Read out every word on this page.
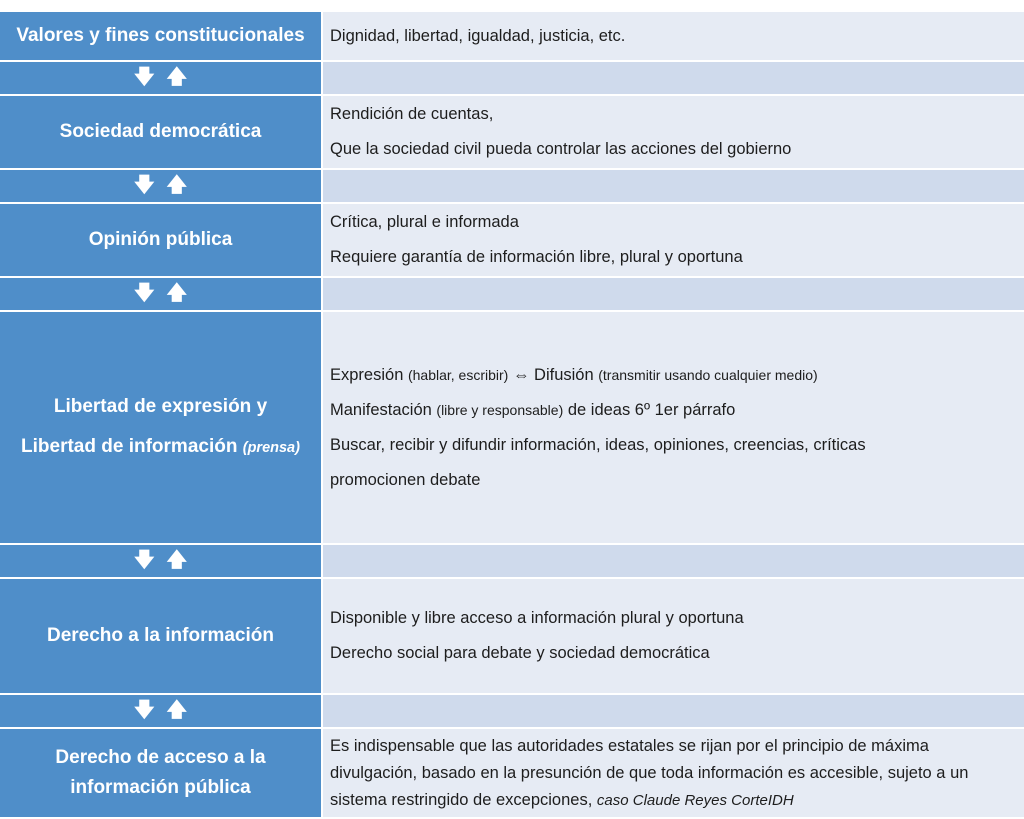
Valores y fines constitucionales	Dignidad, libertad, igualdad, justicia, etc.

🡇 🡅	
Sociedad democrática	Rendición de cuentas,
Que la sociedad civil pueda controlar las acciones del gobierno

🡇 🡅	
Opinión pública	Crítica, plural e informada
Requiere garantía de información libre, plural y oportuna

🡇 🡅	
Libertad de expresión y
Libertad de información (prensa)	Expresión (hablar, escribir) ⇔ Difusión (transmitir usando cualquier medio)
Manifestación (libre y responsable) de ideas 6º 1er párrafo
Buscar, recibir y difundir información, ideas, opiniones, creencias, críticas
promocionen debate

🡇 🡅	
Derecho a la información	Disponible y libre acceso a información plural y oportuna
Derecho social para debate y sociedad democrática

🡇 🡅	
Derecho de acceso a la
información pública	Es indispensable que las autoridades estatales se rijan por el principio de máxima divulgación, basado en la presunción de que toda información es accesible, sujeto a un sistema restringido de excepciones, caso Claude Reyes CorteIDH
